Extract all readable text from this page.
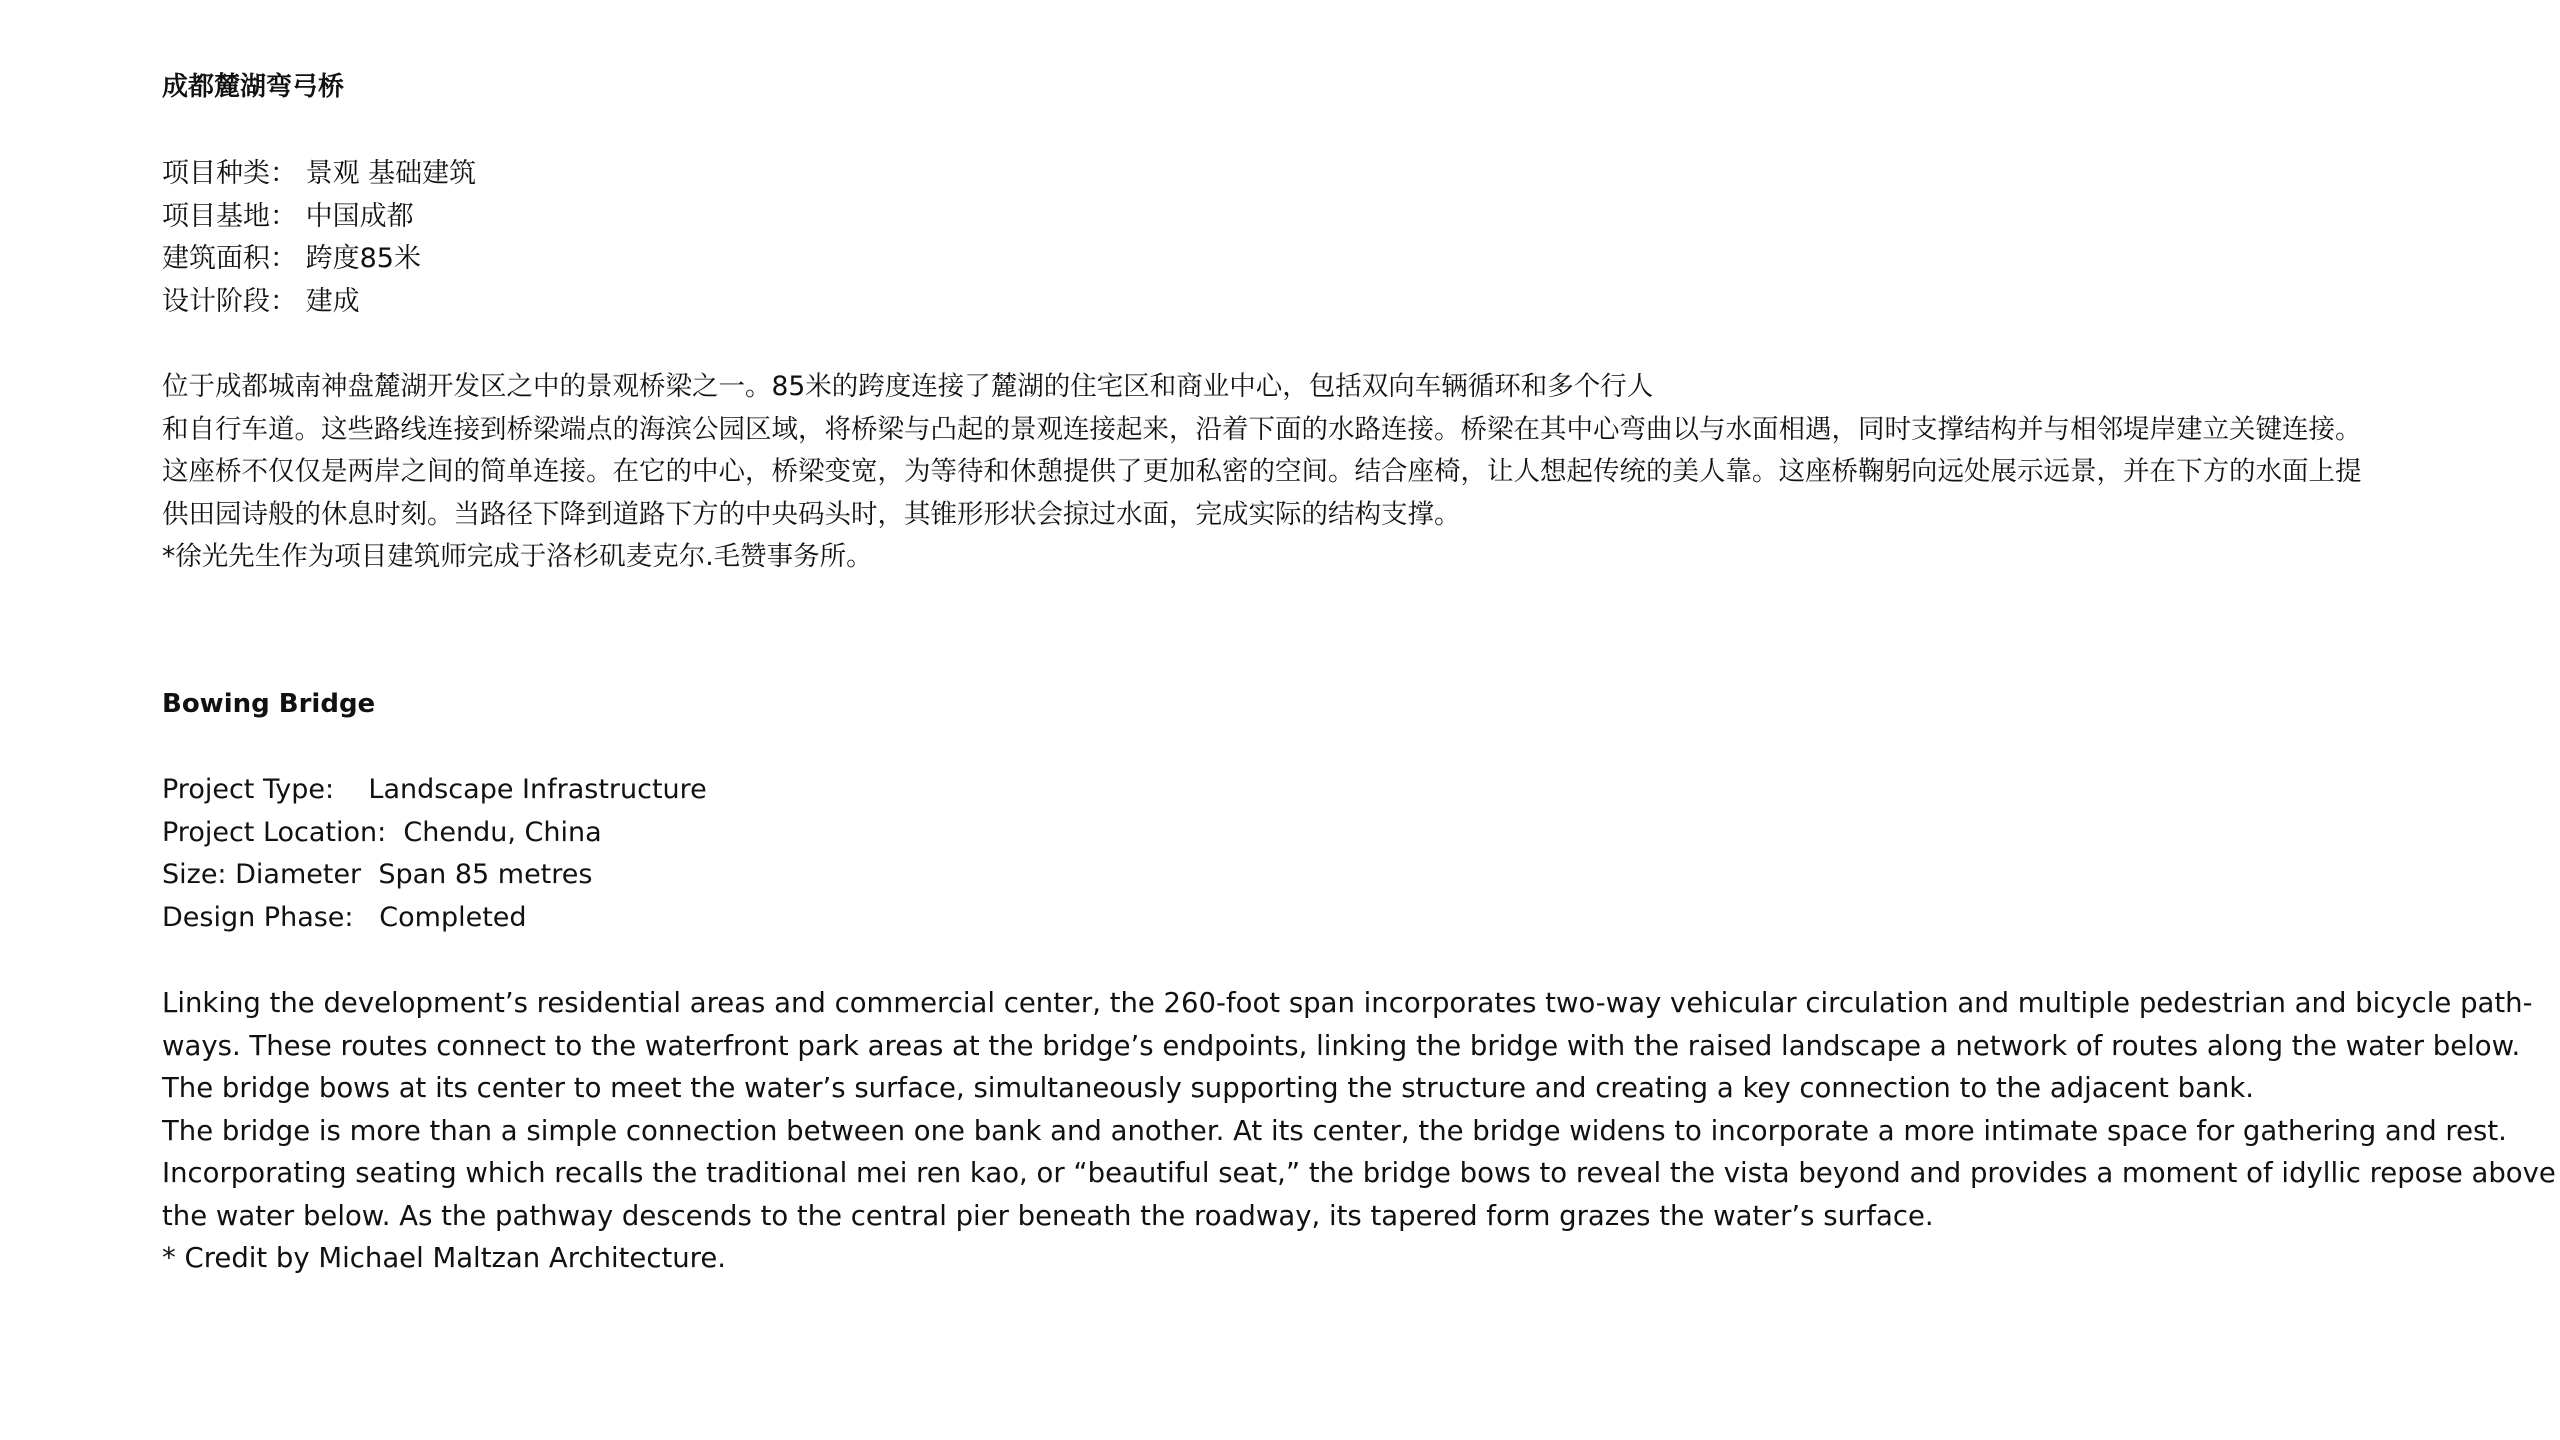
成都麓湖弯弓桥
项目种类： 景观 基础建筑
项目基地： 中国成都
建筑面积： 跨度85米
设计阶段： 建成
位于成都城南神盘麓湖开发区之中的景观桥梁之一。85米的跨度连接了麓湖的住宅区和商业中心，包括双向车辆循环和多个行人
和自行车道。这些路线连接到桥梁端点的海滨公园区域，将桥梁与凸起的景观连接起来，沿着下面的水路连接。桥梁在其中心弯曲以与水面相遇，同时支撑结构并与相邻堤岸建立关键连接。
这座桥不仅仅是两岸之间的简单连接。在它的中心，桥梁变宽，为等待和休憩提供了更加私密的空间。结合座椅，让人想起传统的美人靠。这座桥鞠躬向远处展示远景，并在下方的水面上提
供田园诗般的休息时刻。当路径下降到道路下方的中央码头时，其锥形形状会掠过水面，完成实际的结构支撑。
*徐光先生作为项目建筑师完成于洛杉矶麦克尔.毛赞事务所。
Bowing Bridge
Project Type:    Landscape Infrastructure
Project Location:  Chendu, China
Size: Diameter  Span 85 metres
Design Phase:   Completed
Linking the development’s residential areas and commercial center, the 260-foot span incorporates two-way vehicular circulation and multiple pedestrian and bicycle path-
ways. These routes connect to the waterfront park areas at the bridge’s endpoints, linking the bridge with the raised landscape a network of routes along the water below.
The bridge bows at its center to meet the water’s surface, simultaneously supporting the structure and creating a key connection to the adjacent bank.
The bridge is more than a simple connection between one bank and another. At its center, the bridge widens to incorporate a more intimate space for gathering and rest.
Incorporating seating which recalls the traditional mei ren kao, or “beautiful seat,” the bridge bows to reveal the vista beyond and provides a moment of idyllic repose above
the water below. As the pathway descends to the central pier beneath the roadway, its tapered form grazes the water’s surface.
* Credit by Michael Maltzan Architecture.
